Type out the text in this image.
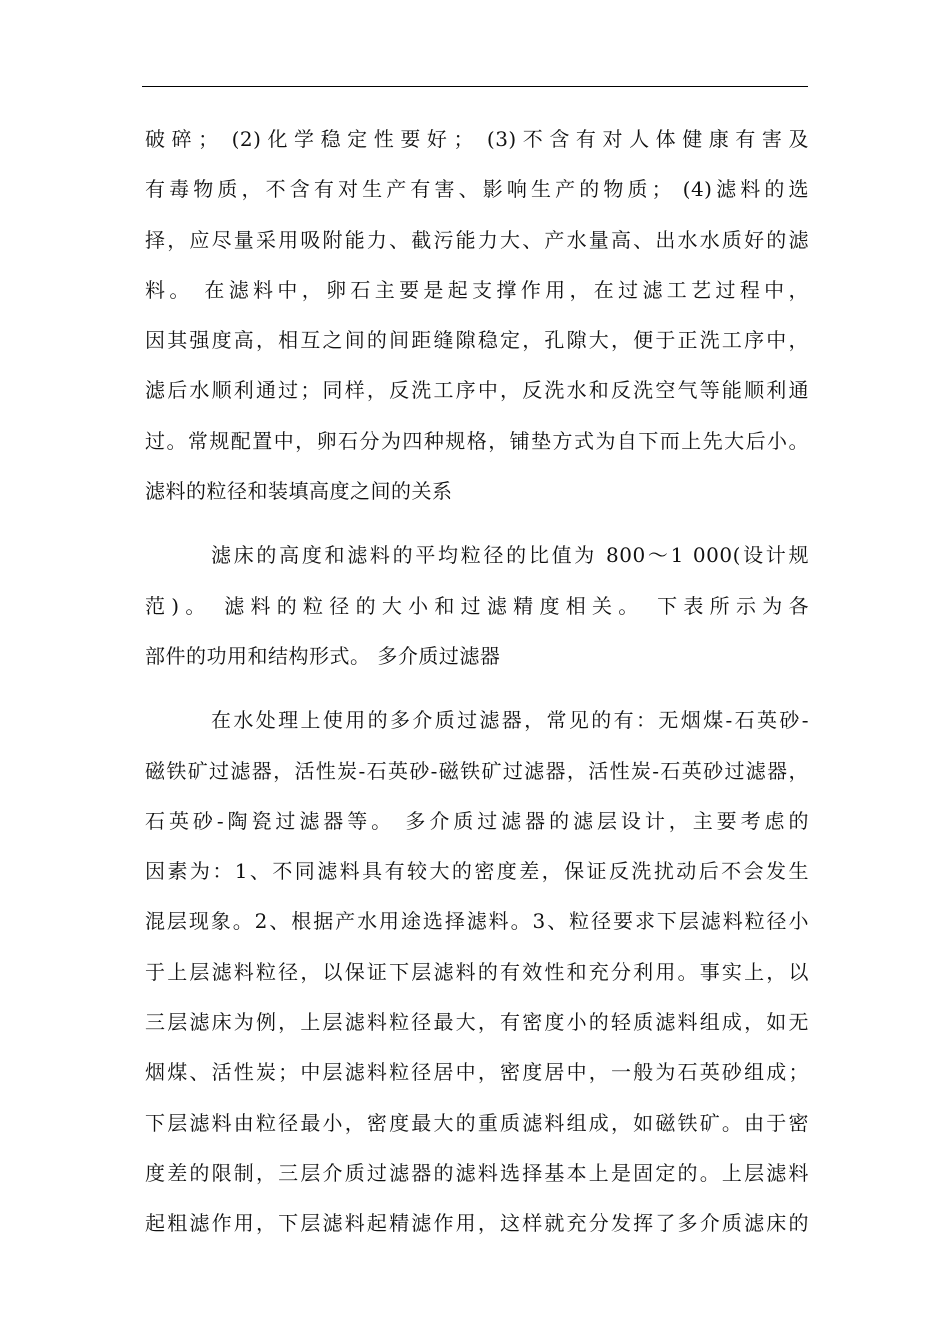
破碎； (2)化学稳定性要好； (3)不含有对人体健康有害及
有毒物质，不含有对生产有害、影响生产的物质； (4)滤料的选
择，应尽量采用吸附能力、截污能力大、产水量高、出水水质好的滤
料。 在滤料中，卵石主要是起支撑作用，在过滤工艺过程中，
因其强度高，相互之间的间距缝隙稳定，孔隙大，便于正洗工序中，
滤后水顺利通过；同样，反洗工序中，反洗水和反洗空气等能顺利通
过。常规配置中，卵石分为四种规格，铺垫方式为自下而上先大后小。
滤料的粒径和装填高度之间的关系
滤床的高度和滤料的平均粒径的比值为 800～1 000(设计规
范)。 滤料的粒径的大小和过滤精度相关。 下表所示为各
部件的功用和结构形式。 多介质过滤器
在水处理上使用的多介质过滤器，常见的有：无烟煤-石英砂-
磁铁矿过滤器，活性炭-石英砂-磁铁矿过滤器，活性炭-石英砂过滤器，
石英砂-陶瓷过滤器等。 多介质过滤器的滤层设计，主要考虑的
因素为：1、不同滤料具有较大的密度差，保证反洗扰动后不会发生
混层现象。2、根据产水用途选择滤料。3、粒径要求下层滤料粒径小
于上层滤料粒径，以保证下层滤料的有效性和充分利用。事实上，以
三层滤床为例，上层滤料粒径最大，有密度小的轻质滤料组成，如无
烟煤、活性炭；中层滤料粒径居中，密度居中，一般为石英砂组成；
下层滤料由粒径最小，密度最大的重质滤料组成，如磁铁矿。由于密
度差的限制，三层介质过滤器的滤料选择基本上是固定的。上层滤料
起粗滤作用，下层滤料起精滤作用，这样就充分发挥了多介质滤床的
